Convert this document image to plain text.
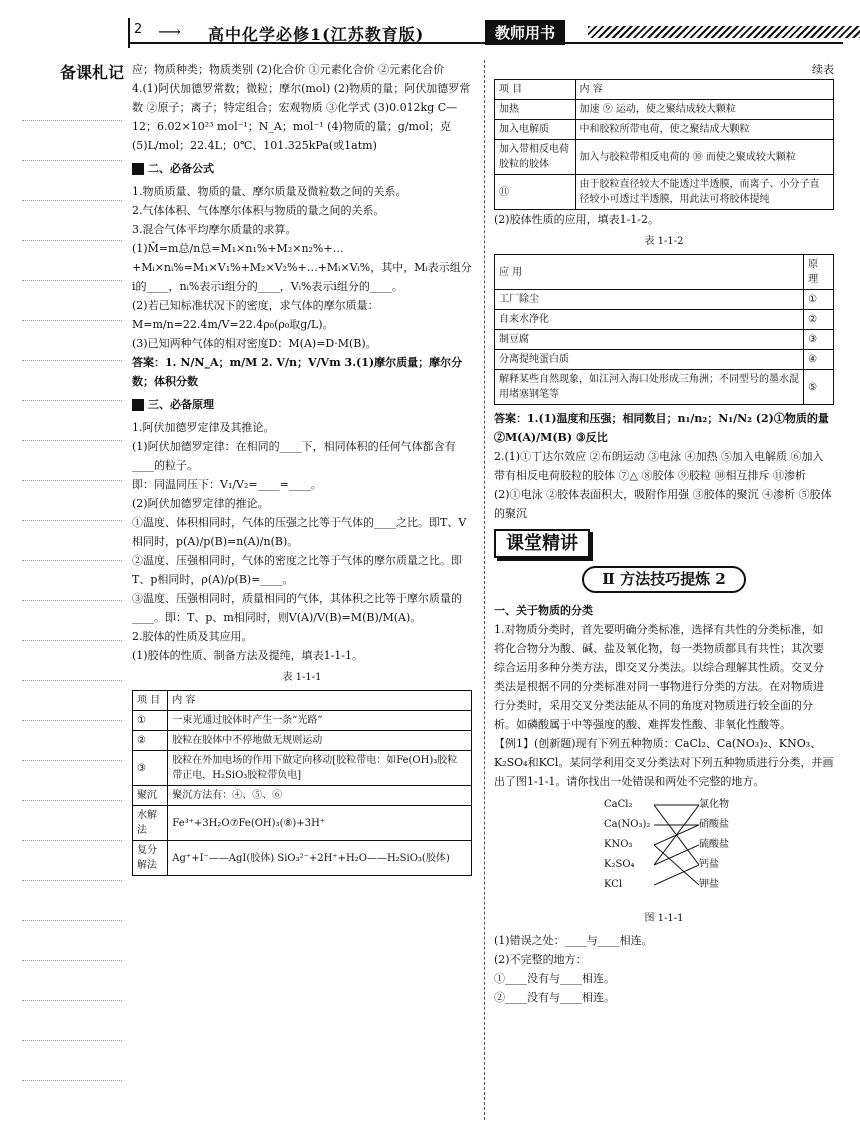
2 ⟶ 高中化学必修1(江苏教育版)	教师用书
备课札记 应；物质种类；物质类别 (2)化合价 ①元素化合价 ②元素化合价
4.(1)阿伏加德罗常数；微粒；摩尔(mol) (2)物质的量；阿伏加德罗常数 ②原子；离子；特定组合；宏观物质 ③化学式 (3)0.012kg C—12；6.02×10²³ mol⁻¹；N_A；mol⁻¹ (4)物质的量；g/mol；克 (5)L/mol；22.4L；0℃、101.325kPa(或1atm)
二、必备公式
1.物质质量、物质的量、摩尔质量及微粒数之间的关系。
2.气体体积、气体摩尔体积与物质的量之间的关系。
3.混合气体平均摩尔质量的求算。
(1)M̄=m总/n总=M₁×n₁%+M₂×n₂%+…+Mᵢ×nᵢ%=M₁×V₁%+M₂×V₂%+…+Mᵢ×Vᵢ%，其中，Mᵢ表示组分i的____，nᵢ%表示i组分的____，Vᵢ%表示i组分的____。
(2)若已知标准状况下的密度，求气体的摩尔质量：M=m/n=22.4m/V=22.4ρ₀(ρ₀取g/L)。
(3)已知两种气体的相对密度D：M(A)=D·M(B)。
答案：1. N/N_A；m/M 2. V/n；V/Vm 3.(1)摩尔质量；摩尔分数；体积分数
三、必备原理
1.阿伏加德罗定律及其推论。
(1)阿伏加德罗定律：在相同的____下，相同体积的任何气体都含有____的粒子。
即：同温同压下：V₁/V₂=____=____。
(2)阿伏加德罗定律的推论。
①温度、体积相同时，气体的压强之比等于气体的____之比。即T、V相同时，p(A)/p(B)=n(A)/n(B)。
②温度、压强相同时，气体的密度之比等于气体的摩尔质量之比。即T、p相同时，ρ(A)/ρ(B)=____。
③温度、压强相同时，质量相同的气体，其体积之比等于摩尔质量的____。即：T、p、m相同时，则V(A)/V(B)=M(B)/M(A)。
2.胶体的性质及其应用。
(1)胶体的性质、制备方法及提纯，填表1-1-1。
表 1-1-1
项 目	内 容
①	一束光通过胶体时产生一条“光路”
②	胶粒在胶体中不停地做无规则运动
③	胶粒在外加电场的作用下做定向移动[胶粒带电：如Fe(OH)₃胶粒带正电，H₂SiO₃胶粒带负电]
聚沉	聚沉方法有：④、⑤、⑥
水解法	Fe³⁺+3H₂O⑦Fe(OH)₃(⑧)+3H⁺
复分解法	Ag⁺+I⁻——AgI(胶体) SiO₃²⁻+2H⁺+H₂O——H₂SiO₃(胶体)
续表
项 目	内 容
加热	加速 ⑨ 运动，使之聚结成较大颗粒
加入电解质	中和胶粒所带电荷，使之聚结成大颗粒
加入带相反电荷胶粒的胶体	加入与胶粒带相反电荷的 ⑩ 而使之聚成较大颗粒
⑪	由于胶粒直径较大不能透过半透膜，而离子、小分子直径较小可透过半透膜，用此法可将胶体提纯
(2)胶体性质的应用，填表1-1-2。
表 1-1-2
应 用	原 理
工厂除尘	①
自来水净化	②
制豆腐	③
分离提纯蛋白质	④
解释某些自然现象，如江河入海口处形成三角洲；不同型号的墨水混用堵塞钢笔等	⑤
答案：1.(1)温度和压强；相同数目；n₁/n₂；N₁/N₂ (2)①物质的量 ②M(A)/M(B) ③反比
2.(1)①丁达尔效应 ②布朗运动 ③电泳 ④加热 ⑤加入电解质 ⑥加入带有相反电荷胶粒的胶体 ⑦△ ⑧胶体 ⑨胶粒 ⑩相互排斥 ⑪渗析 (2)①电泳 ②胶体表面积大，吸附作用强 ③胶体的聚沉 ④渗析 ⑤胶体的聚沉
课堂精讲
Ⅱ 方法技巧提炼 2
一、关于物质的分类
1.对物质分类时，首先要明确分类标准，选择有共性的分类标准，如将化合物分为酸、碱、盐及氧化物，每一类物质都具有共性；其次要综合运用多种分类方法，即交叉分类法。以综合理解其性质。交叉分类法是根据不同的分类标准对同一事物进行分类的方法。在对物质进行分类时，采用交叉分类法能从不同的角度对物质进行较全面的分析。如磷酸属于中等强度的酸、难挥发性酸、非氧化性酸等。
【例1】(创新题)现有下列五种物质：CaCl₂、Ca(NO₃)₂、KNO₃、K₂SO₄和KCl。某同学利用交叉分类法对下列五种物质进行分类，并画出了图1-1-1。请你找出一处错误和两处不完整的地方。
CaCl₂
Ca(NO₃)₂
KNO₃
K₂SO₄
KCl
氯化物
硝酸盐
硫酸盐
钙盐
钾盐
图 1-1-1
(1)错误之处：____与____相连。
(2)不完整的地方：
①____没有与____相连。
②____没有与____相连。
